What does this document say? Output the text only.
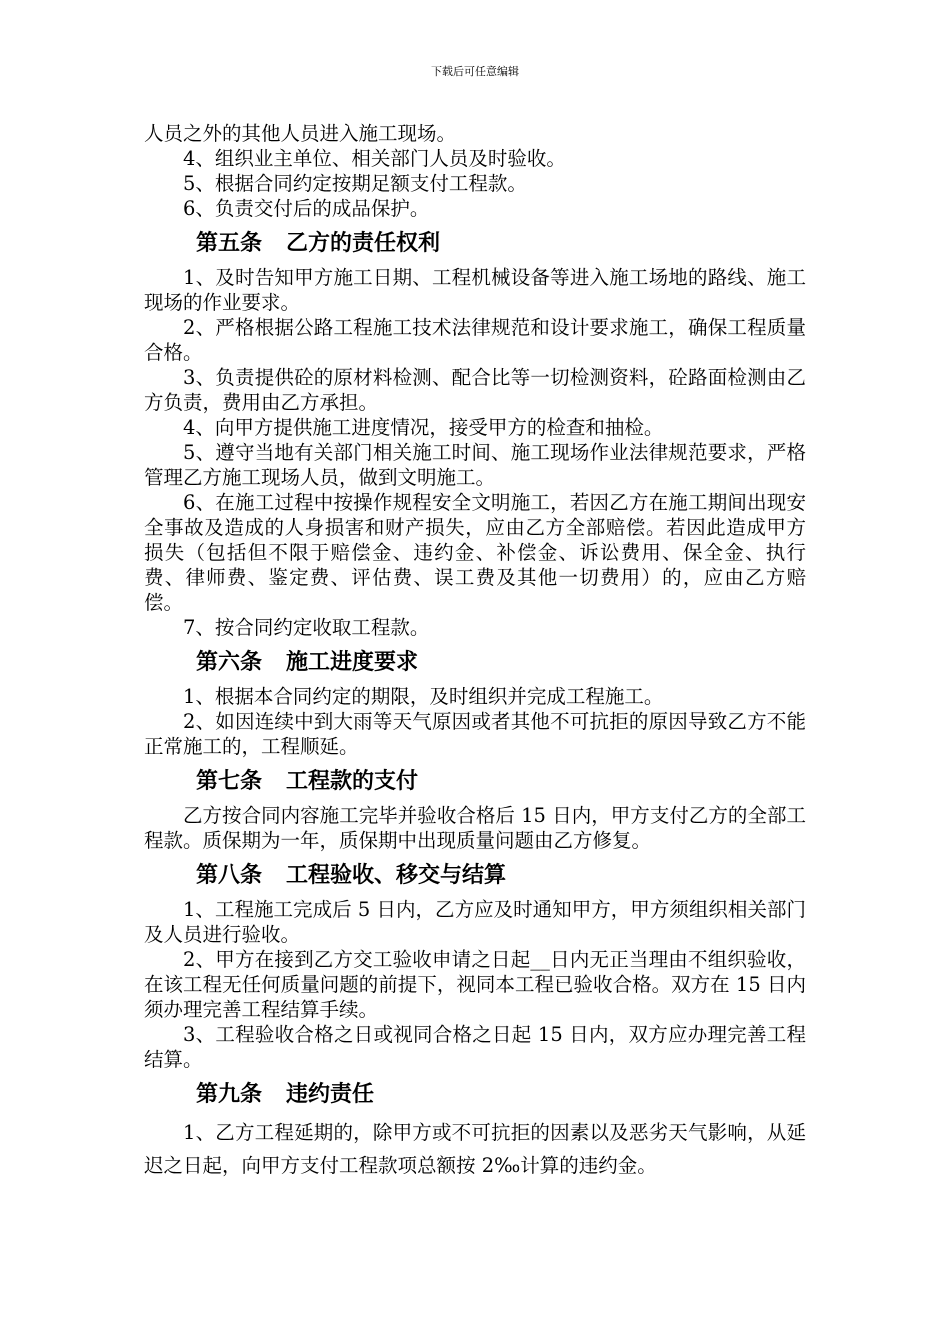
下载后可任意编辑

人员之外的其他人员进入施工现场。

4、组织业主单位、相关部门人员及时验收。

5、根据合同约定按期足额支付工程款。

6、负责交付后的成品保护。

第五条 乙方的责任权利

1、及时告知甲方施工日期、工程机械设备等进入施工场地的路线、施工现场的作业要求。

2、严格根据公路工程施工技术法律规范和设计要求施工，确保工程质量合格。

3、负责提供砼的原材料检测、配合比等一切检测资料，砼路面检测由乙方负责，费用由乙方承担。

4、向甲方提供施工进度情况，接受甲方的检查和抽检。

5、遵守当地有关部门相关施工时间、施工现场作业法律规范要求，严格管理乙方施工现场人员，做到文明施工。

6、在施工过程中按操作规程安全文明施工，若因乙方在施工期间出现安全事故及造成的人身损害和财产损失，应由乙方全部赔偿。若因此造成甲方损失（包括但不限于赔偿金、违约金、补偿金、诉讼费用、保全金、执行费、律师费、鉴定费、评估费、误工费及其他一切费用）的，应由乙方赔偿。

7、按合同约定收取工程款。

第六条 施工进度要求

1、根据本合同约定的期限，及时组织并完成工程施工。

2、如因连续中到大雨等天气原因或者其他不可抗拒的原因导致乙方不能正常施工的，工程顺延。

第七条 工程款的支付

乙方按合同内容施工完毕并验收合格后 15 日内，甲方支付乙方的全部工程款。质保期为一年，质保期中出现质量问题由乙方修复。

第八条 工程验收、移交与结算

1、工程施工完成后 5 日内，乙方应及时通知甲方，甲方须组织相关部门及人员进行验收。

2、甲方在接到乙方交工验收申请之日起__日内无正当理由不组织验收，在该工程无任何质量问题的前提下，视同本工程已验收合格。双方在 15 日内须办理完善工程结算手续。

3、工程验收合格之日或视同合格之日起 15 日内，双方应办理完善工程结算。

第九条 违约责任

1、乙方工程延期的，除甲方或不可抗拒的因素以及恶劣天气影响，从延迟之日起，向甲方支付工程款项总额按 2‰计算的违约金。
